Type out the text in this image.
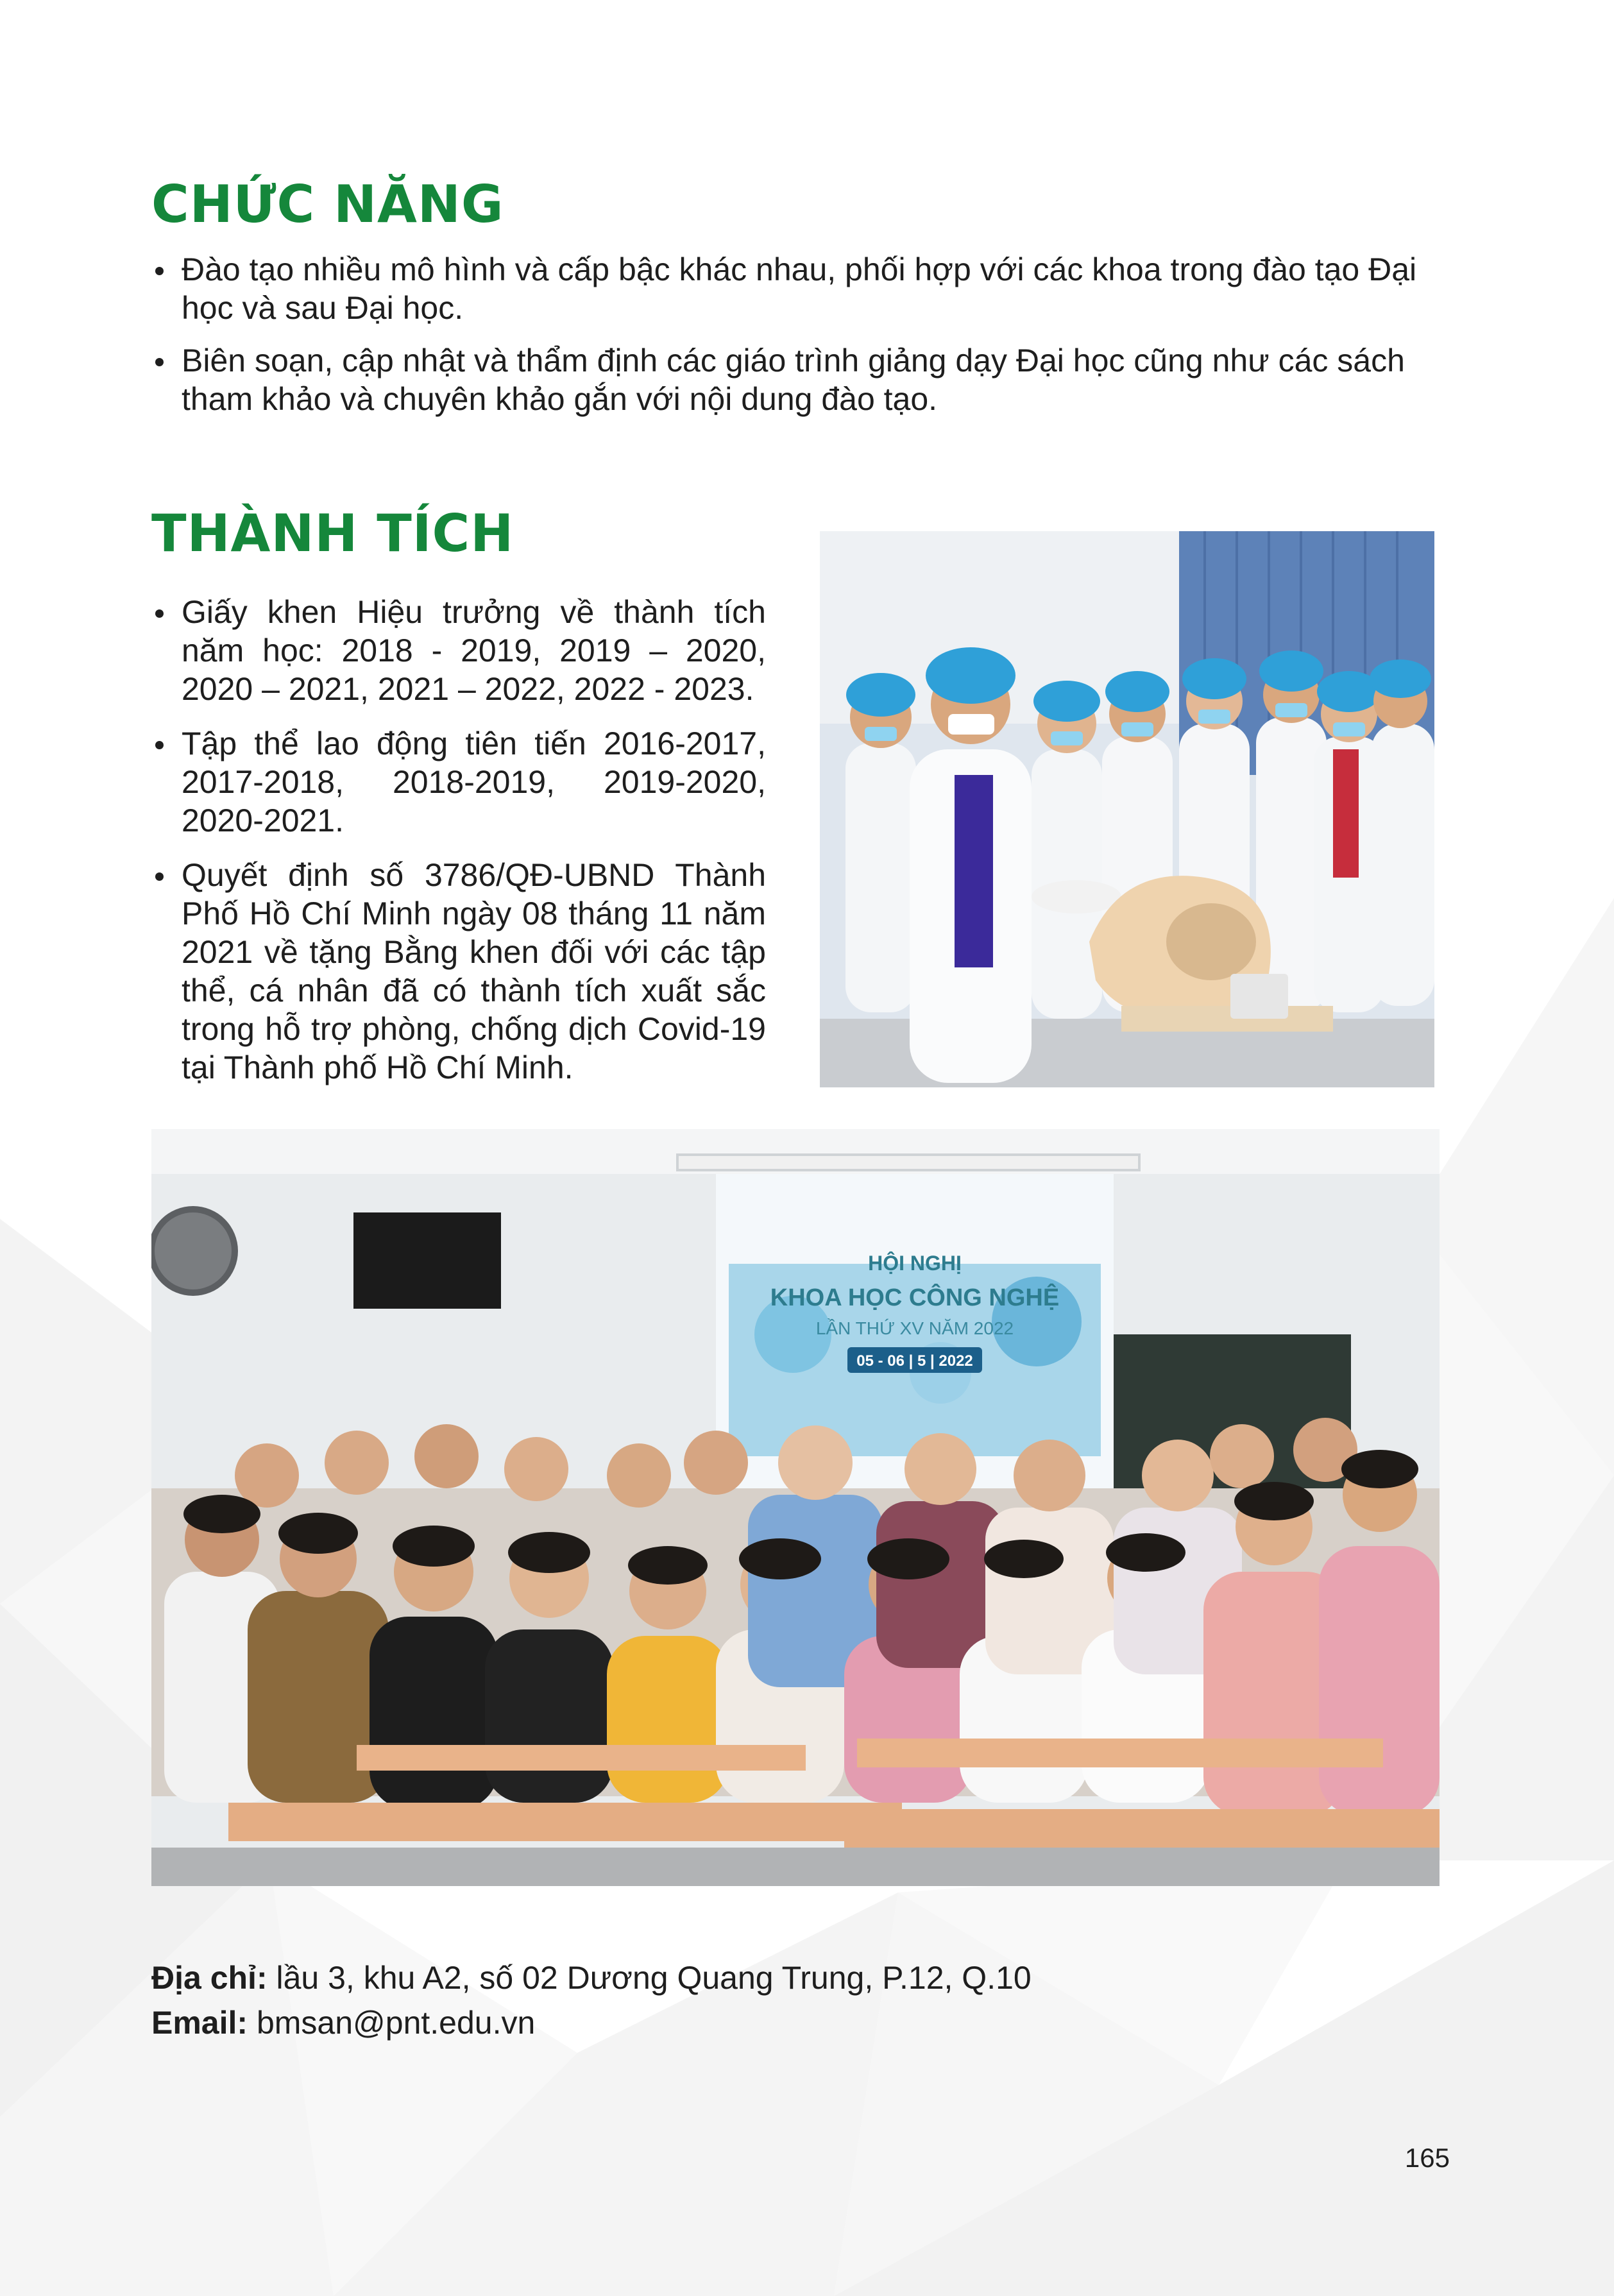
CHỨC NĂNG
Đào tạo nhiều mô hình và cấp bậc khác nhau, phối hợp với các khoa trong đào tạo Đại học và sau Đại học.
Biên soạn, cập nhật và thẩm định các giáo trình giảng dạy Đại học cũng như các sách tham khảo và chuyên khảo gắn với nội dung đào tạo.
THÀNH TÍCH
Giấy khen Hiệu trưởng về thành tích năm học: 2018 - 2019, 2019 – 2020, 2020 – 2021, 2021 – 2022, 2022 - 2023.
Tập thể lao động tiên tiến 2016-2017, 2017-2018, 2018-2019, 2019-2020, 2020-2021.
Quyết định số 3786/QĐ-UBND Thành Phố Hồ Chí Minh ngày 08 tháng 11 năm 2021 về tặng Bằng khen đối với các tập thể, cá nhân đã có thành tích xuất sắc trong hỗ trợ phòng, chống dịch Covid-19 tại Thành phố Hồ Chí Minh.
HỘI NGHỊ
KHOA HỌC CÔNG NGHỆ
LẦN THỨ XV NĂM 2022
05 - 06 | 5 | 2022
Địa chỉ: lầu 3, khu A2, số 02 Dương Quang Trung, P.12, Q.10
Email: bmsan@pnt.edu.vn
165
